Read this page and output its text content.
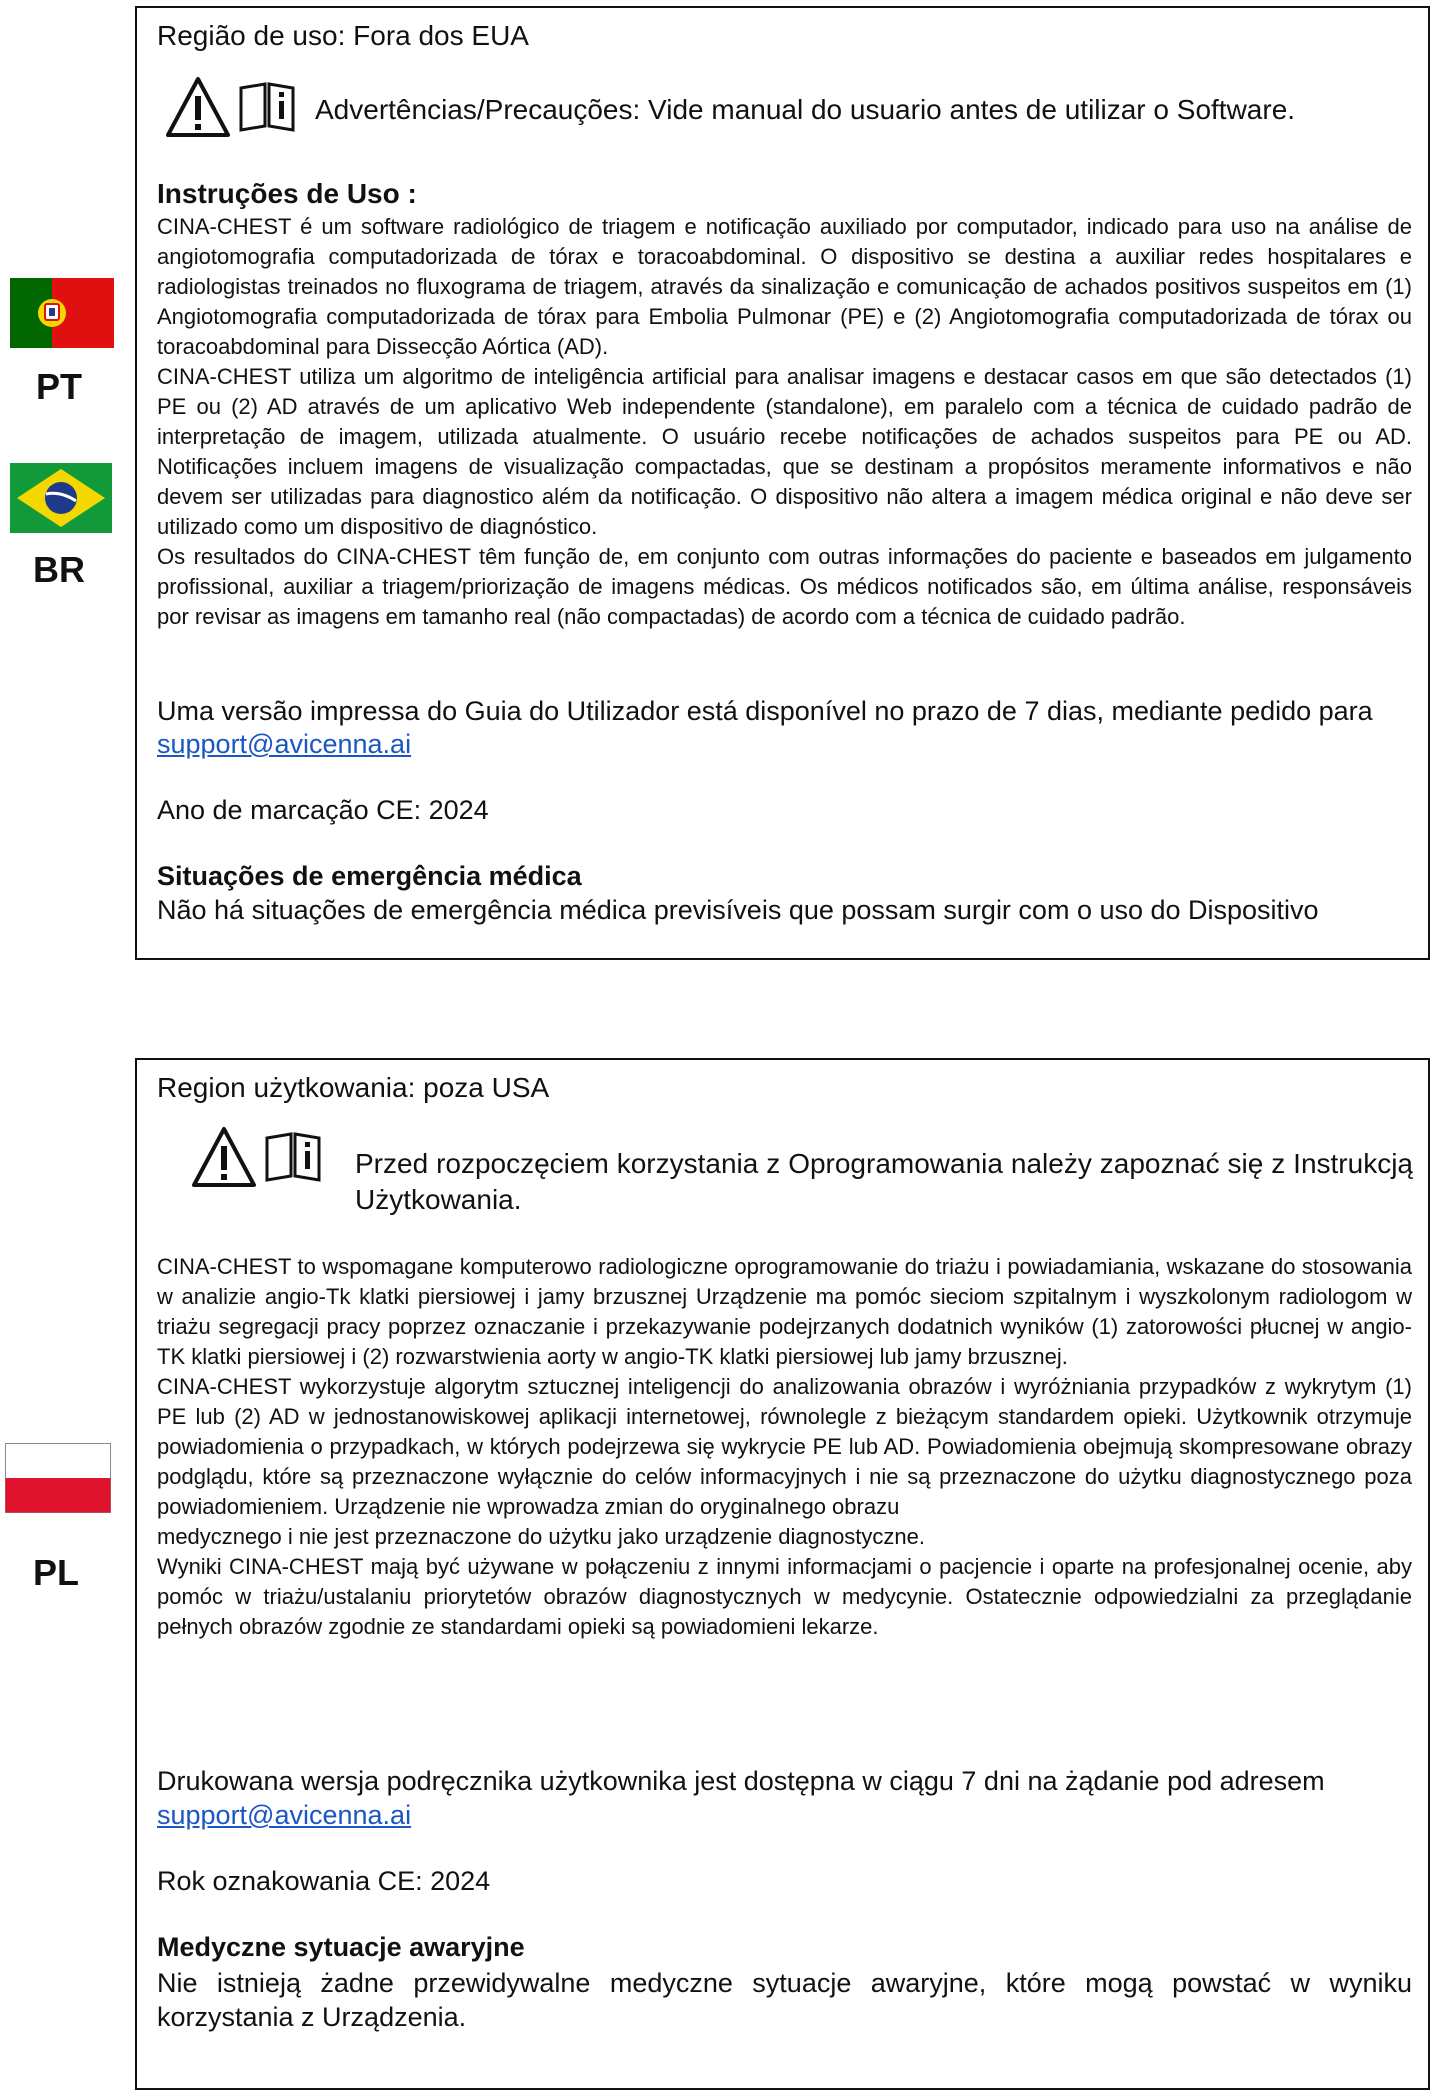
PT
BR
PL
Região de uso: Fora dos EUA
Advertências/Precauções: Vide manual do usuario antes de utilizar o Software.
Instruções de Uso :

CINA-CHEST é um software radiológico de triagem e notificação auxiliado por computador, indicado para uso na análise de angiotomografia computadorizada de tórax e toracoabdominal. O dispositivo se destina a auxiliar redes hospitalares e radiologistas treinados no fluxograma de triagem, através da sinalização e comunicação de achados positivos suspeitos em (1) Angiotomografia computadorizada de tórax para Embolia Pulmonar (PE) e (2) Angiotomografia computadorizada de tórax ou toracoabdominal para Dissecção Aórtica (AD).

CINA-CHEST utiliza um algoritmo de inteligência artificial para analisar imagens e destacar casos em que são detectados (1) PE ou (2) AD através de um aplicativo Web independente (standalone), em paralelo com a técnica de cuidado padrão de interpretação de imagem, utilizada atualmente. O usuário recebe notificações de achados suspeitos para PE ou AD. Notificações incluem imagens de visualização compactadas, que se destinam a propósitos meramente informativos e não devem ser utilizadas para diagnostico além da notificação. O dispositivo não altera a imagem médica original e não deve ser utilizado como um dispositivo de diagnóstico.

Os resultados do CINA-CHEST têm função de, em conjunto com outras informações do paciente e baseados em julgamento profissional, auxiliar a triagem/priorização de imagens médicas. Os médicos notificados são, em última análise, responsáveis por revisar as imagens em tamanho real (não compactadas) de acordo com a técnica de cuidado padrão.

Uma versão impressa do Guia do Utilizador está disponível no prazo de 7 dias, mediante pedido para
support@avicenna.ai
Ano de marcação CE: 2024
Situações de emergência médica
Não há situações de emergência médica previsíveis que possam surgir com o uso do Dispositivo
Region użytkowania: poza USA
Przed rozpoczęciem korzystania z Oprogramowania należy zapoznać się z Instrukcją Użytkowania.

CINA-CHEST to wspomagane komputerowo radiologiczne oprogramowanie do triażu i powiadamiania, wskazane do stosowania w analizie angio-Tk klatki piersiowej i jamy brzusznej Urządzenie ma pomóc sieciom szpitalnym i wyszkolonym radiologom w triażu segregacji pracy poprzez oznaczanie i przekazywanie podejrzanych dodatnich wyników (1) zatorowości płucnej w angio-TK klatki piersiowej i (2) rozwarstwienia aorty w angio-TK klatki piersiowej lub jamy brzusznej.

CINA-CHEST wykorzystuje algorytm sztucznej inteligencji do analizowania obrazów i wyróżniania przypadków z wykrytym (1) PE lub (2) AD w jednostanowiskowej aplikacji internetowej, równolegle z bieżącym standardem opieki. Użytkownik otrzymuje powiadomienia o przypadkach, w których podejrzewa się wykrycie PE lub AD. Powiadomienia obejmują skompresowane obrazy podglądu, które są przeznaczone wyłącznie do celów informacyjnych i nie są przeznaczone do użytku diagnostycznego poza powiadomieniem. Urządzenie nie wprowadza zmian do oryginalnego obrazu

medycznego i nie jest przeznaczone do użytku jako urządzenie diagnostyczne.

Wyniki CINA-CHEST mają być używane w połączeniu z innymi informacjami o pacjencie i oparte na profesjonalnej ocenie, aby pomóc w triażu/ustalaniu priorytetów obrazów diagnostycznych w medycynie. Ostatecznie odpowiedzialni za przeglądanie pełnych obrazów zgodnie ze standardami opieki są powiadomieni lekarze.

Drukowana wersja podręcznika użytkownika jest dostępna w ciągu 7 dni na żądanie pod adresem
support@avicenna.ai
Rok oznakowania CE: 2024
Medyczne sytuacje awaryjne
Nie istnieją żadne przewidywalne medyczne sytuacje awaryjne, które mogą powstać w wyniku korzystania z Urządzenia.
